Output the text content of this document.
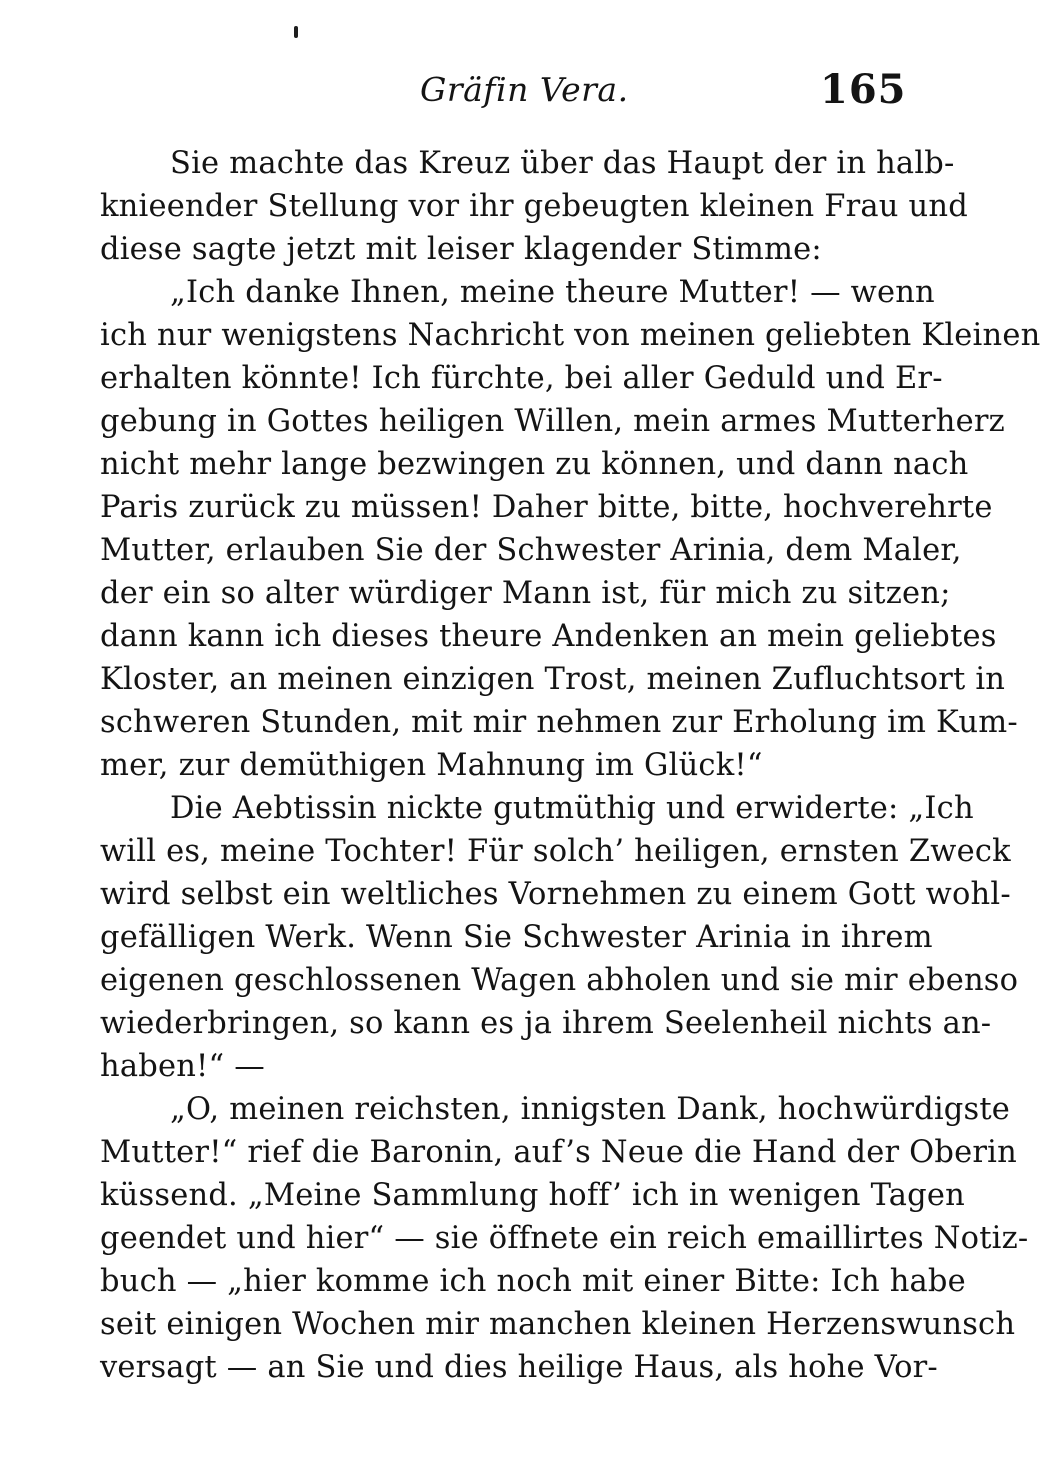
Gräfin Vera.	165
Sie machte das Kreuz über das Haupt der in halb-
knieender Stellung vor ihr gebeugten kleinen Frau und
diese sagte jetzt mit leiser klagender Stimme:
„Ich danke Ihnen, meine theure Mutter! — wenn
ich nur wenigstens Nachricht von meinen geliebten Kleinen
erhalten könnte! Ich fürchte, bei aller Geduld und Er-
gebung in Gottes heiligen Willen, mein armes Mutterherz
nicht mehr lange bezwingen zu können, und dann nach
Paris zurück zu müssen! Daher bitte, bitte, hochverehrte
Mutter, erlauben Sie der Schwester Arinia, dem Maler,
der ein so alter würdiger Mann ist, für mich zu sitzen;
dann kann ich dieses theure Andenken an mein geliebtes
Kloster, an meinen einzigen Trost, meinen Zufluchtsort in
schweren Stunden, mit mir nehmen zur Erholung im Kum-
mer, zur demüthigen Mahnung im Glück!“
Die Aebtissin nickte gutmüthig und erwiderte: „Ich
will es, meine Tochter! Für solch’ heiligen, ernsten Zweck
wird selbst ein weltliches Vornehmen zu einem Gott wohl-
gefälligen Werk. Wenn Sie Schwester Arinia in ihrem
eigenen geschlossenen Wagen abholen und sie mir ebenso
wiederbringen, so kann es ja ihrem Seelenheil nichts an-
haben!“ —
„O, meinen reichsten, innigsten Dank, hochwürdigste
Mutter!“ rief die Baronin, auf’s Neue die Hand der Oberin
küssend. „Meine Sammlung hoff’ ich in wenigen Tagen
geendet und hier“ — sie öffnete ein reich emaillirtes Notiz-
buch — „hier komme ich noch mit einer Bitte: Ich habe
seit einigen Wochen mir manchen kleinen Herzenswunsch
versagt — an Sie und dies heilige Haus, als hohe Vor-
